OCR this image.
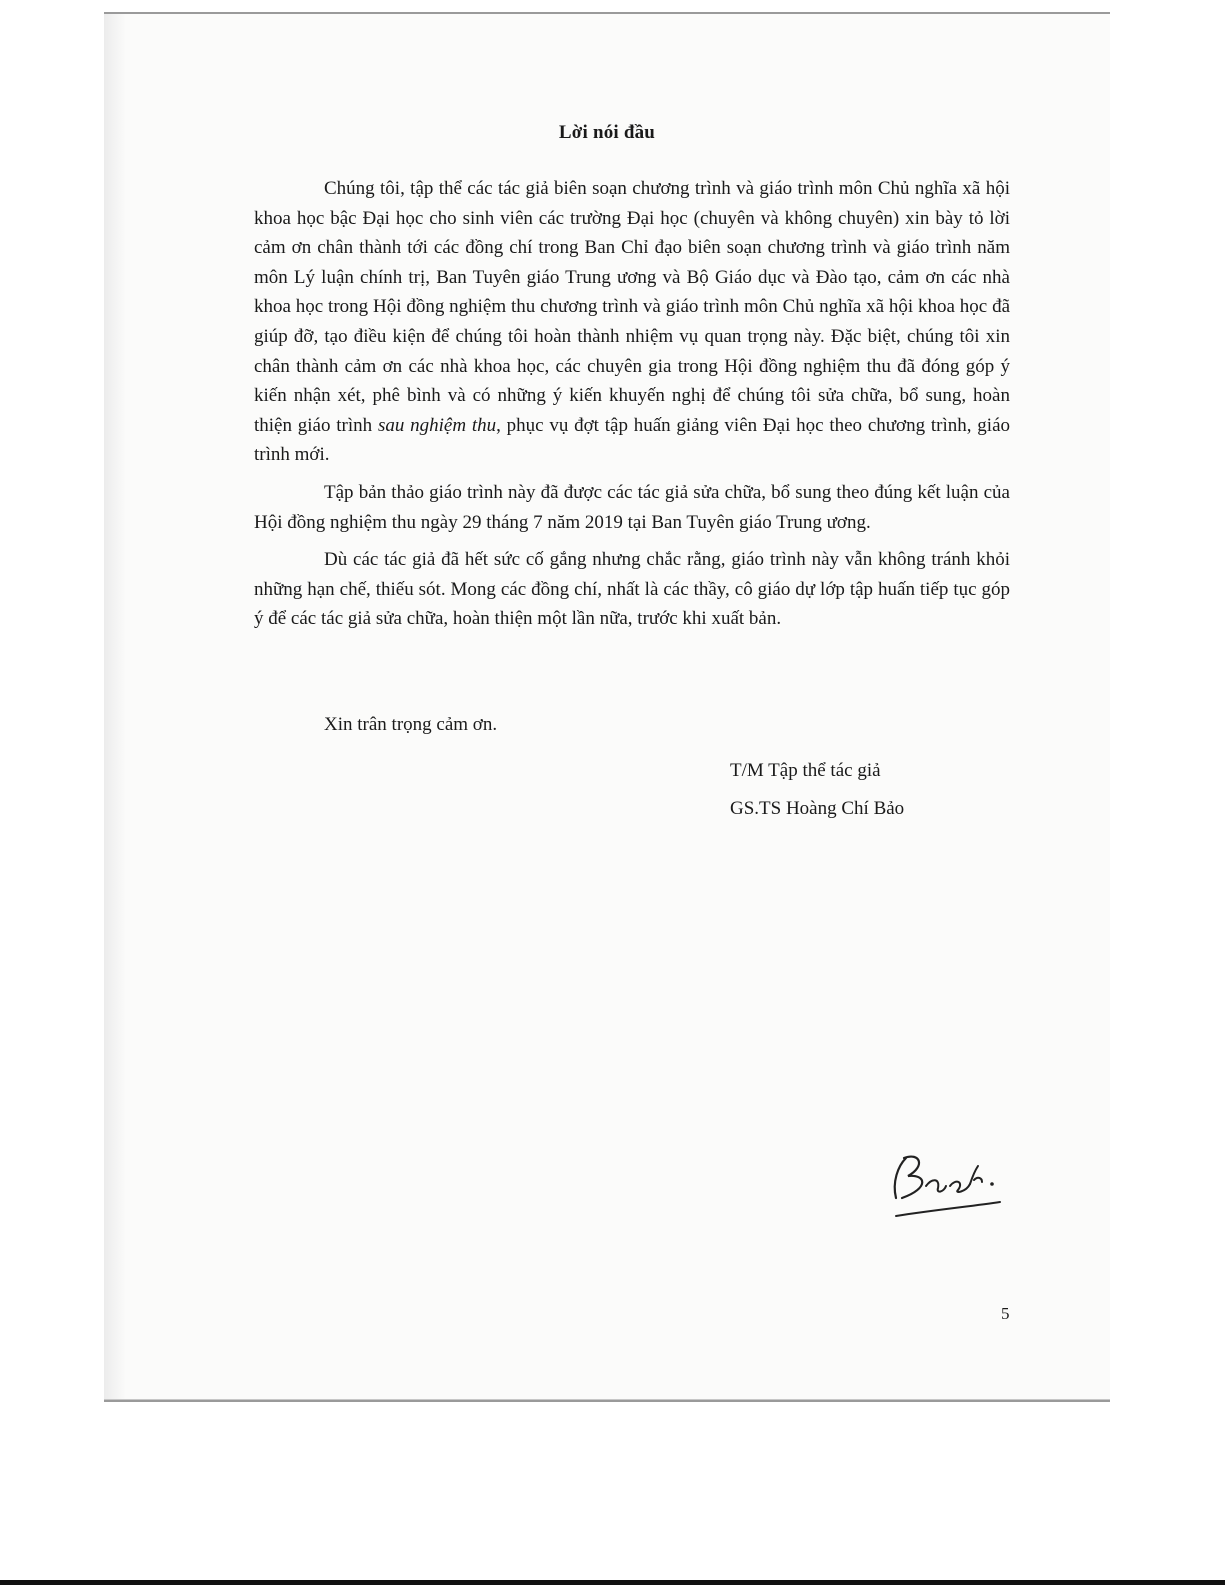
Lời nói đầu

Chúng tôi, tập thể các tác giả biên soạn chương trình và giáo trình môn Chủ nghĩa xã hội khoa học bậc Đại học cho sinh viên các trường Đại học (chuyên và không chuyên) xin bày tỏ lời cảm ơn chân thành tới các đồng chí trong Ban Chỉ đạo biên soạn chương trình và giáo trình năm môn Lý luận chính trị, Ban Tuyên giáo Trung ương và Bộ Giáo dục và Đào tạo, cảm ơn các nhà khoa học trong Hội đồng nghiệm thu chương trình và giáo trình môn Chủ nghĩa xã hội khoa học đã giúp đỡ, tạo điều kiện để chúng tôi hoàn thành nhiệm vụ quan trọng này. Đặc biệt, chúng tôi xin chân thành cảm ơn các nhà khoa học, các chuyên gia trong Hội đồng nghiệm thu đã đóng góp ý kiến nhận xét, phê bình và có những ý kiến khuyến nghị để chúng tôi sửa chữa, bổ sung, hoàn thiện giáo trình sau nghiệm thu, phục vụ đợt tập huấn giảng viên Đại học theo chương trình, giáo trình mới.

Tập bản thảo giáo trình này đã được các tác giả sửa chữa, bổ sung theo đúng kết luận của Hội đồng nghiệm thu ngày 29 tháng 7 năm 2019 tại Ban Tuyên giáo Trung ương.

Dù các tác giả đã hết sức cố gắng nhưng chắc rằng, giáo trình này vẫn không tránh khỏi những hạn chế, thiếu sót. Mong các đồng chí, nhất là các thầy, cô giáo dự lớp tập huấn tiếp tục góp ý để các tác giả sửa chữa, hoàn thiện một lần nữa, trước khi xuất bản.

Xin trân trọng cảm ơn.
T/M Tập thể tác giả
GS.TS Hoàng Chí Bảo
5
